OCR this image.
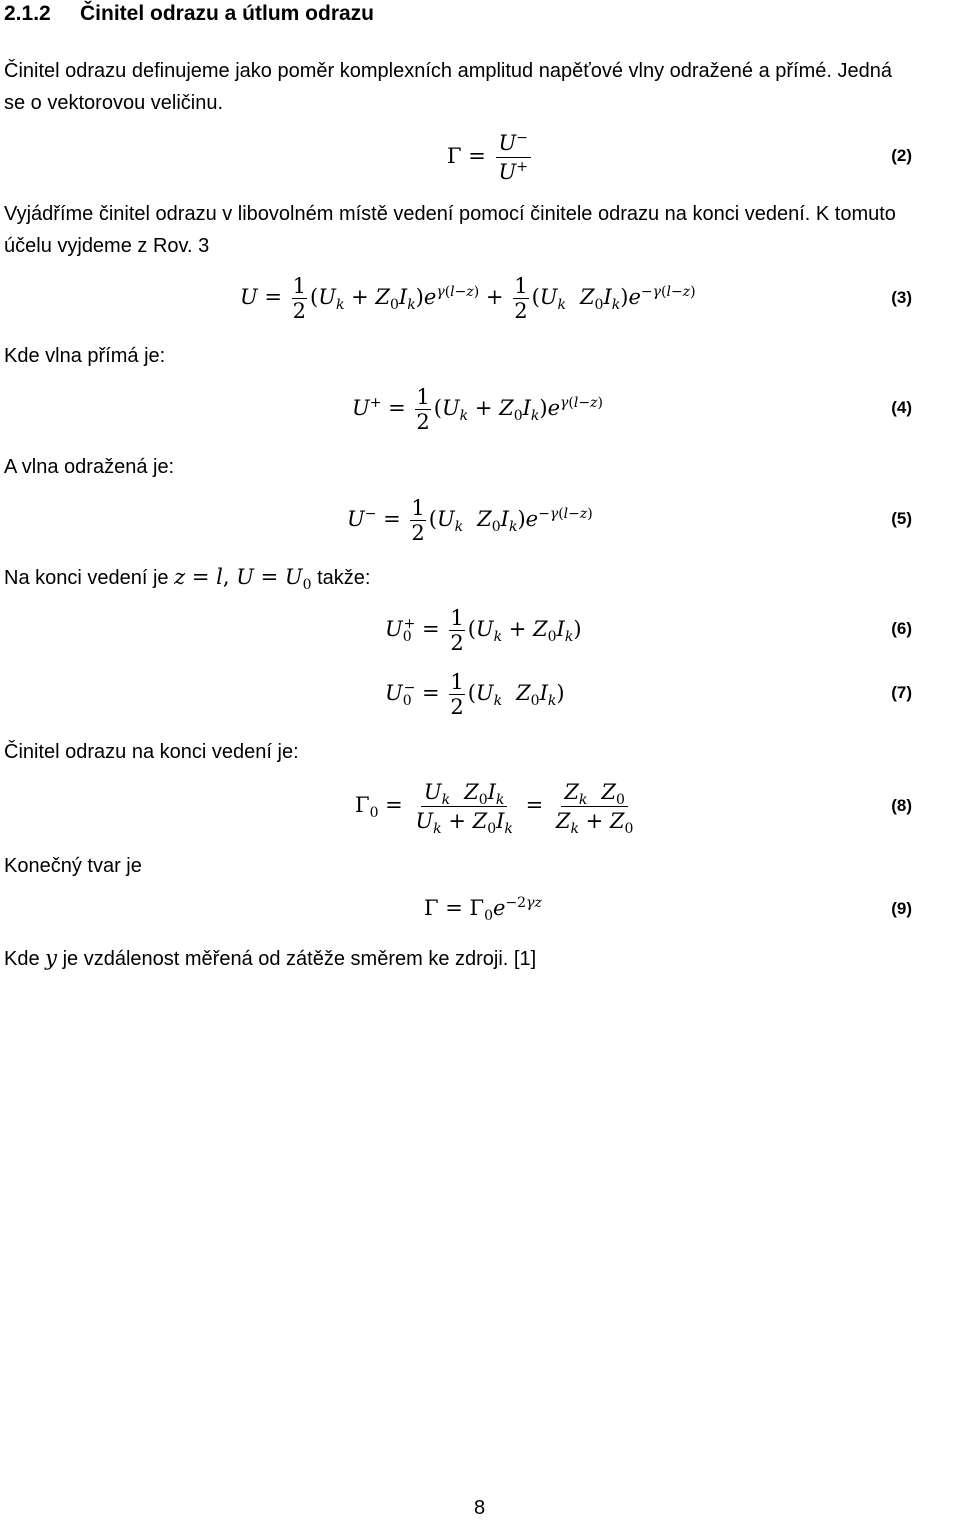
2.1.2 Činitel odrazu a útlum odrazu
Činitel odrazu definujeme jako poměr komplexních amplitud napěťové vlny odražené a přímé. Jedná
se o vektorovou veličinu.
$\Gamma = \frac{U^-}{U^+}$	(2)
Vyjádříme činitel odrazu v libovolném místě vedení pomocí činitele odrazu na konci vedení. K tomuto
účelu vyjdeme z Rov. 3
$U = \frac{1}{2} (U_k + Z_0I_k)e^{\gamma(l-z)} + \frac{1}{2} (U_k$ $Z_0I_k)e^{-\gamma(l-z)}$	(3)
Kde vlna přímá je:
$U^+ = \frac{1}{2} (U_k + Z_0I_k)e^{\gamma(l-z)}$	(4)
A vlna odražená je:
$U^- = \frac{1}{2} (U_k$ $Z_0I_k)e^{-\gamma(l-z)}$	(5)
Na konci vedení je z = l, $U = U_0$ takže:
$U_0^+ = \frac{1}{2} (U_k + Z_0I_k)$	(6)
$U_0^- = \frac{1}{2} (U_k$ $Z_0I_k$)	(7)
Činitel odrazu na konci vedení je:
$\Gamma_0 = \frac{U_k Z_0I_k}{U_k + Z_0I_k} = \frac{Z_k Z_0}{Z_k + Z_0}$	(8)
Konečný tvar je
$\Gamma = \Gamma_0e^{-2\gamma z}$	(9)
Kde y je vzdálenost měřená od zátěže směrem ke zdroji. [1]
8
